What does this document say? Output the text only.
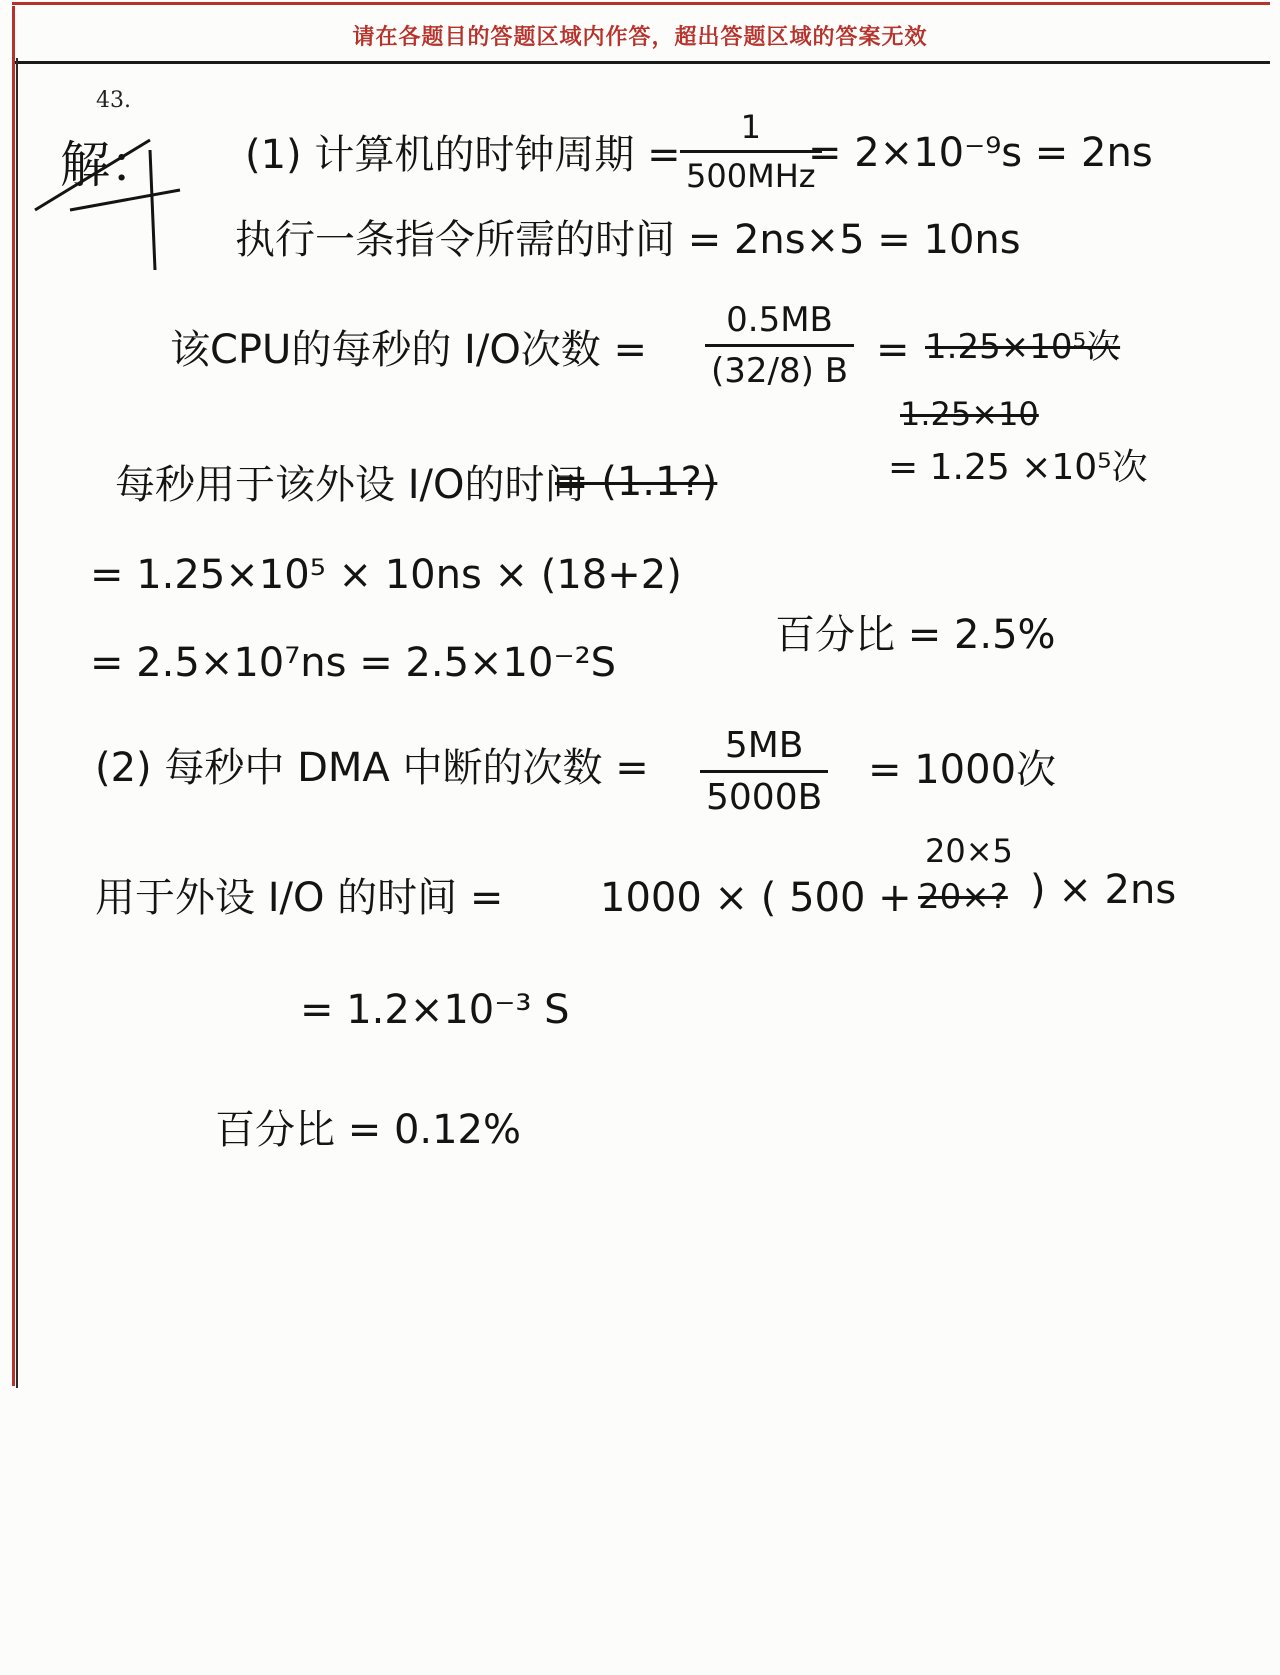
请在各题目的答题区域内作答，超出答题区域的答案无效
43.
解： (1) 计算机的时钟周期 =
1
500MHz
= 2×10⁻⁹s = 2ns
执行一条指令所需的时间 = 2ns×5 = 10ns
该CPU的每秒的 I/O次数 =
0.5MB
(32/8) B = 1.25×10⁵次
1.25×10
= 1.25 ×10⁵次
每秒用于该外设 I/O的时间
= (1.1?)
= 1.25×10⁵ × 10ns × (18+2)
= 2.5×10⁷ns = 2.5×10⁻²S
百分比 = 2.5%
(2) 每秒中 DMA 中断的次数 =	5MB
5000B
= 1000次
20×5
用于外设 I/O 的时间 = 1000 × ( 500 + 20×? ) × 2ns
= 1.2×10⁻³ S
百分比 = 0.12%
